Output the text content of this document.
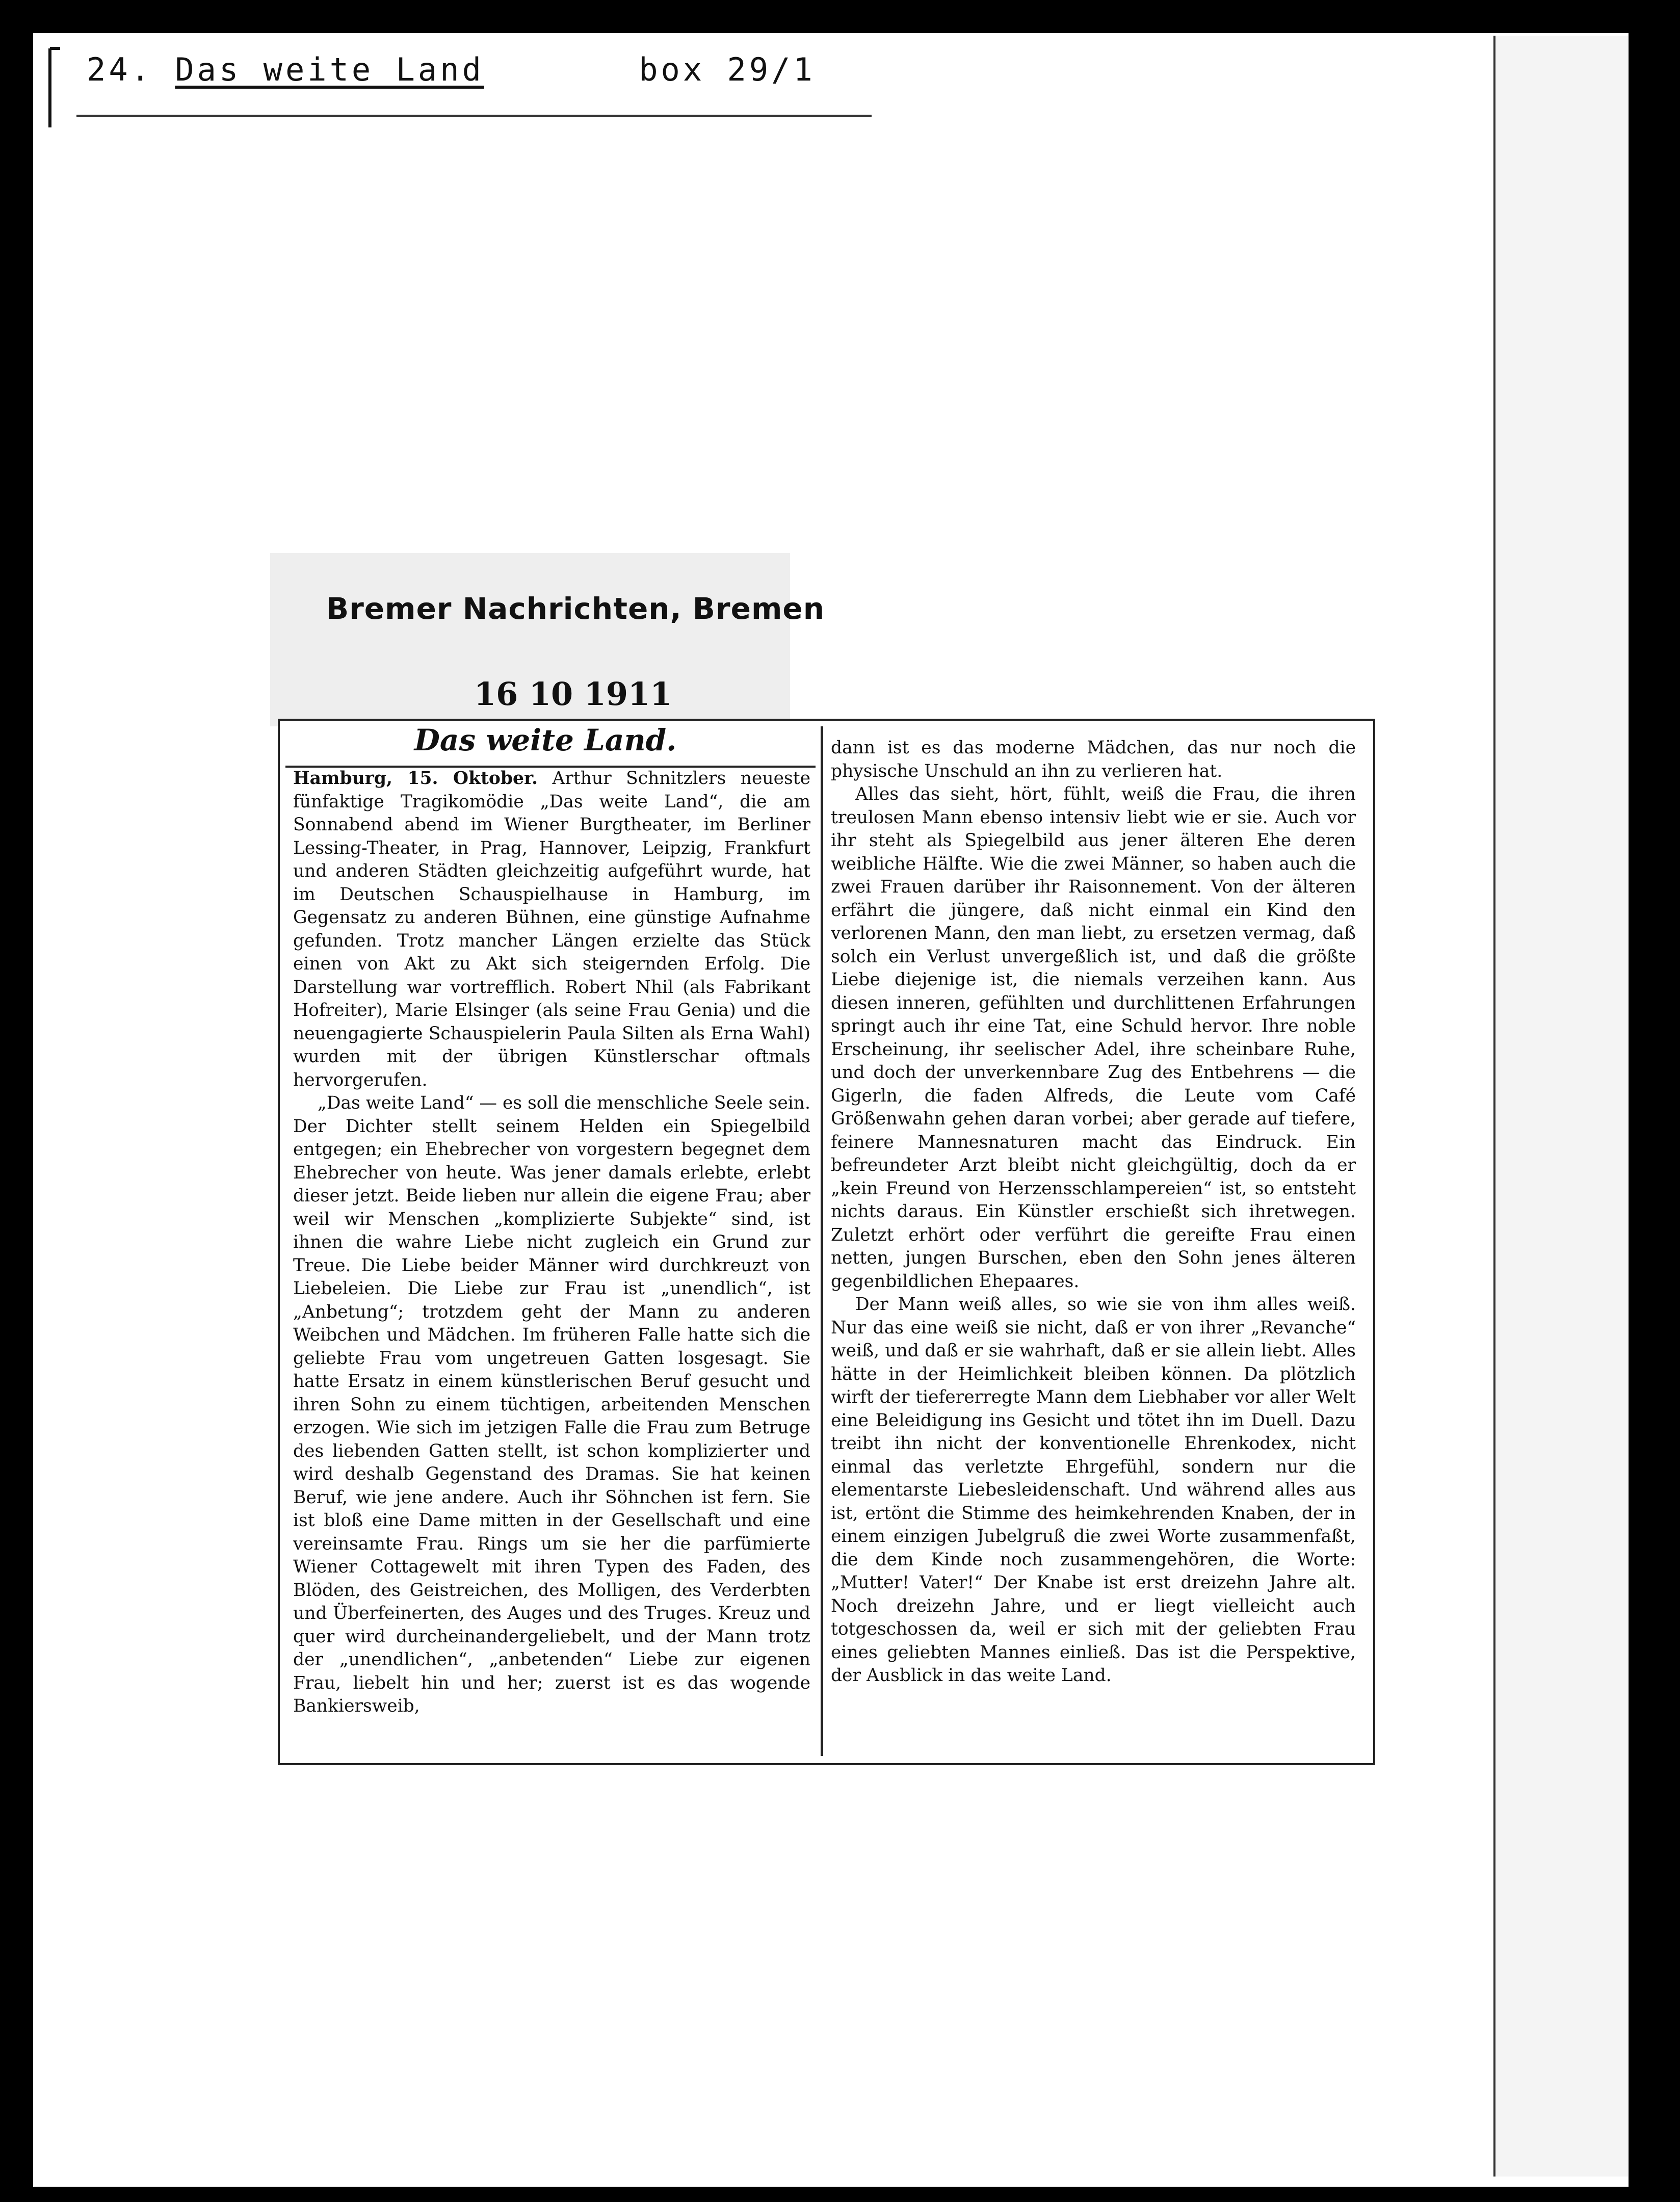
24. Das weite Land	box 29/1
Bremer Nachrichten, Bremen
16 10 1911
Das weite Land.

Hamburg, 15. Oktober. Arthur Schnitzlers neueste fünfaktige Tragikomödie „Das weite Land“, die am Sonnabend abend im Wiener Burgtheater, im Berliner Lessing-Theater, in Prag, Hannover, Leipzig, Frankfurt und anderen Städten gleichzeitig aufgeführt wurde, hat im Deutschen Schauspielhause in Hamburg, im Gegensatz zu anderen Bühnen, eine günstige Aufnahme gefunden. Trotz mancher Längen erzielte das Stück einen von Akt zu Akt sich steigernden Erfolg. Die Darstellung war vortrefflich. Robert Nhil (als Fabrikant Hofreiter), Marie Elsinger (als seine Frau Genia) und die neuengagierte Schauspielerin Paula Silten als Erna Wahl) wurden mit der übrigen Künstlerschar oftmals hervorgerufen.

„Das weite Land“ — es soll die menschliche Seele sein. Der Dichter stellt seinem Helden ein Spiegelbild entgegen; ein Ehebrecher von vorgestern begegnet dem Ehebrecher von heute. Was jener damals erlebte, erlebt dieser jetzt. Beide lieben nur allein die eigene Frau; aber weil wir Menschen „komplizierte Subjekte“ sind, ist ihnen die wahre Liebe nicht zugleich ein Grund zur Treue. Die Liebe beider Männer wird durchkreuzt von Liebeleien. Die Liebe zur Frau ist „unendlich“, ist „Anbetung“; trotzdem geht der Mann zu anderen Weibchen und Mädchen. Im früheren Falle hatte sich die geliebte Frau vom ungetreuen Gatten losgesagt. Sie hatte Ersatz in einem künstlerischen Beruf gesucht und ihren Sohn zu einem tüchtigen, arbeitenden Menschen erzogen. Wie sich im jetzigen Falle die Frau zum Betruge des liebenden Gatten stellt, ist schon komplizierter und wird deshalb Gegenstand des Dramas. Sie hat keinen Beruf, wie jene andere. Auch ihr Söhnchen ist fern. Sie ist bloß eine Dame mitten in der Gesellschaft und eine vereinsamte Frau. Rings um sie her die parfümierte Wiener Cottagewelt mit ihren Typen des Faden, des Blöden, des Geistreichen, des Molligen, des Verderbten und Überfeinerten, des Auges und des Truges. Kreuz und quer wird durcheinandergeliebelt, und der Mann trotz der „unendlichen“, „anbetenden“ Liebe zur eigenen Frau, liebelt hin und her; zuerst ist es das wogende Bankiersweib,

dann ist es das moderne Mädchen, das nur noch die physische Unschuld an ihn zu verlieren hat.

Alles das sieht, hört, fühlt, weiß die Frau, die ihren treulosen Mann ebenso intensiv liebt wie er sie. Auch vor ihr steht als Spiegelbild aus jener älteren Ehe deren weibliche Hälfte. Wie die zwei Männer, so haben auch die zwei Frauen darüber ihr Raisonnement. Von der älteren erfährt die jüngere, daß nicht einmal ein Kind den verlorenen Mann, den man liebt, zu ersetzen vermag, daß solch ein Verlust unvergeßlich ist, und daß die größte Liebe diejenige ist, die niemals verzeihen kann. Aus diesen inneren, gefühlten und durchlittenen Erfahrungen springt auch ihr eine Tat, eine Schuld hervor. Ihre noble Erscheinung, ihr seelischer Adel, ihre scheinbare Ruhe, und doch der unverkennbare Zug des Entbehrens — die Gigerln, die faden Alfreds, die Leute vom Café Größenwahn gehen daran vorbei; aber gerade auf tiefere, feinere Mannesnaturen macht das Eindruck. Ein befreundeter Arzt bleibt nicht gleichgültig, doch da er „kein Freund von Herzensschlampereien“ ist, so entsteht nichts daraus. Ein Künstler erschießt sich ihretwegen. Zuletzt erhört oder verführt die gereifte Frau einen netten, jungen Burschen, eben den Sohn jenes älteren gegenbildlichen Ehepaares.

Der Mann weiß alles, so wie sie von ihm alles weiß. Nur das eine weiß sie nicht, daß er von ihrer „Revanche“ weiß, und daß er sie wahrhaft, daß er sie allein liebt. Alles hätte in der Heimlichkeit bleiben können. Da plötzlich wirft der tiefererregte Mann dem Liebhaber vor aller Welt eine Beleidigung ins Gesicht und tötet ihn im Duell. Dazu treibt ihn nicht der konventionelle Ehrenkodex, nicht einmal das verletzte Ehrgefühl, sondern nur die elementarste Liebesleidenschaft. Und während alles aus ist, ertönt die Stimme des heimkehrenden Knaben, der in einem einzigen Jubelgruß die zwei Worte zusammenfaßt, die dem Kinde noch zusammengehören, die Worte: „Mutter! Vater!“ Der Knabe ist erst dreizehn Jahre alt. Noch dreizehn Jahre, und er liegt vielleicht auch totgeschossen da, weil er sich mit der geliebten Frau eines geliebten Mannes einließ. Das ist die Perspektive, der Ausblick in das weite Land.
